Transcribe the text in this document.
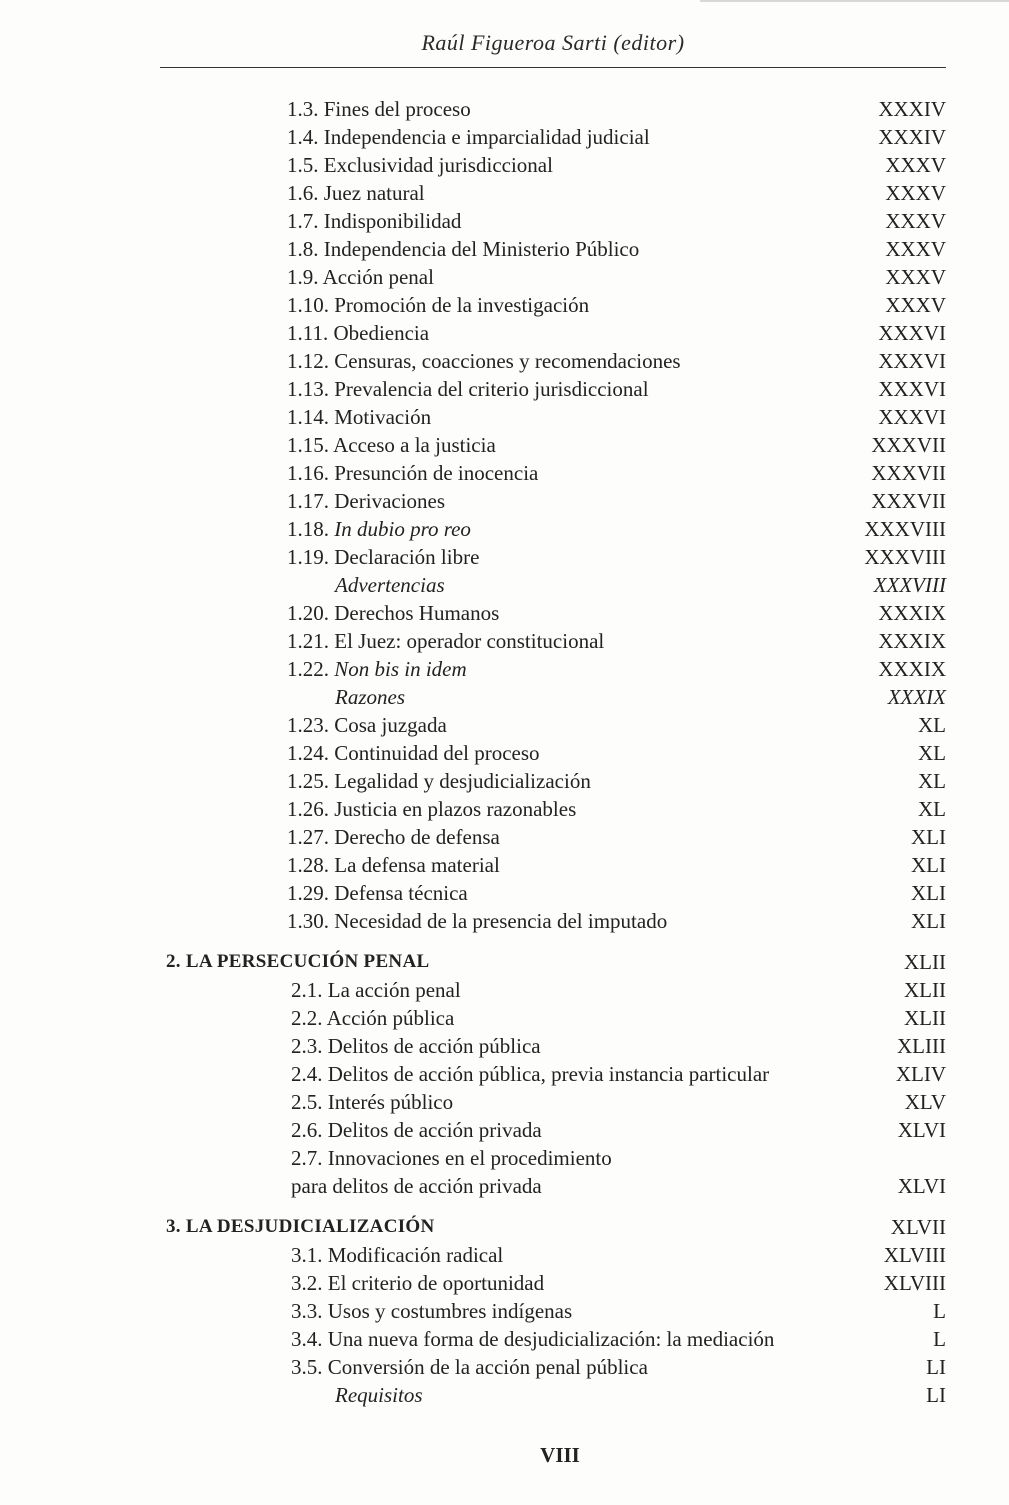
Raúl Figueroa Sarti (editor)
1.3. Fines del proceso	XXXIV
1.4. Independencia e imparcialidad judicial	XXXIV
1.5. Exclusividad jurisdiccional	XXXV
1.6. Juez natural	XXXV
1.7. Indisponibilidad	XXXV
1.8. Independencia del Ministerio Público	XXXV
1.9. Acción penal	XXXV
1.10. Promoción de la investigación	XXXV
1.11. Obediencia	XXXVI
1.12. Censuras, coacciones y recomendaciones	XXXVI
1.13. Prevalencia del criterio jurisdiccional	XXXVI
1.14. Motivación	XXXVI
1.15. Acceso a la justicia	XXXVII
1.16. Presunción de inocencia	XXXVII
1.17. Derivaciones	XXXVII
1.18. In dubio pro reo	XXXVIII
1.19. Declaración libre	XXXVIII
Advertencias	XXXVIII
1.20. Derechos Humanos	XXXIX
1.21. El Juez: operador constitucional	XXXIX
1.22. Non bis in idem	XXXIX
Razones	XXXIX
1.23. Cosa juzgada	XL
1.24. Continuidad del proceso	XL
1.25. Legalidad y desjudicialización	XL
1.26. Justicia en plazos razonables	XL
1.27. Derecho de defensa	XLI
1.28. La defensa material	XLI
1.29. Defensa técnica	XLI
1.30. Necesidad de la presencia del imputado	XLI
2. LA PERSECUCIÓN PENAL	XLII
2.1. La acción penal	XLII
2.2. Acción pública	XLII
2.3. Delitos de acción pública	XLIII
2.4. Delitos de acción pública, previa instancia particular	XLIV
2.5. Interés público	XLV
2.6. Delitos de acción privada	XLVI
2.7. Innovaciones en el procedimiento
para delitos de acción privada	XLVI
3. LA DESJUDICIALIZACIÓN	XLVII
3.1. Modificación radical	XLVIII
3.2. El criterio de oportunidad	XLVIII
3.3. Usos y costumbres indígenas	L
3.4. Una nueva forma de desjudicialización: la mediación	L
3.5. Conversión de la acción penal pública	LI
Requisitos	LI
VIII
